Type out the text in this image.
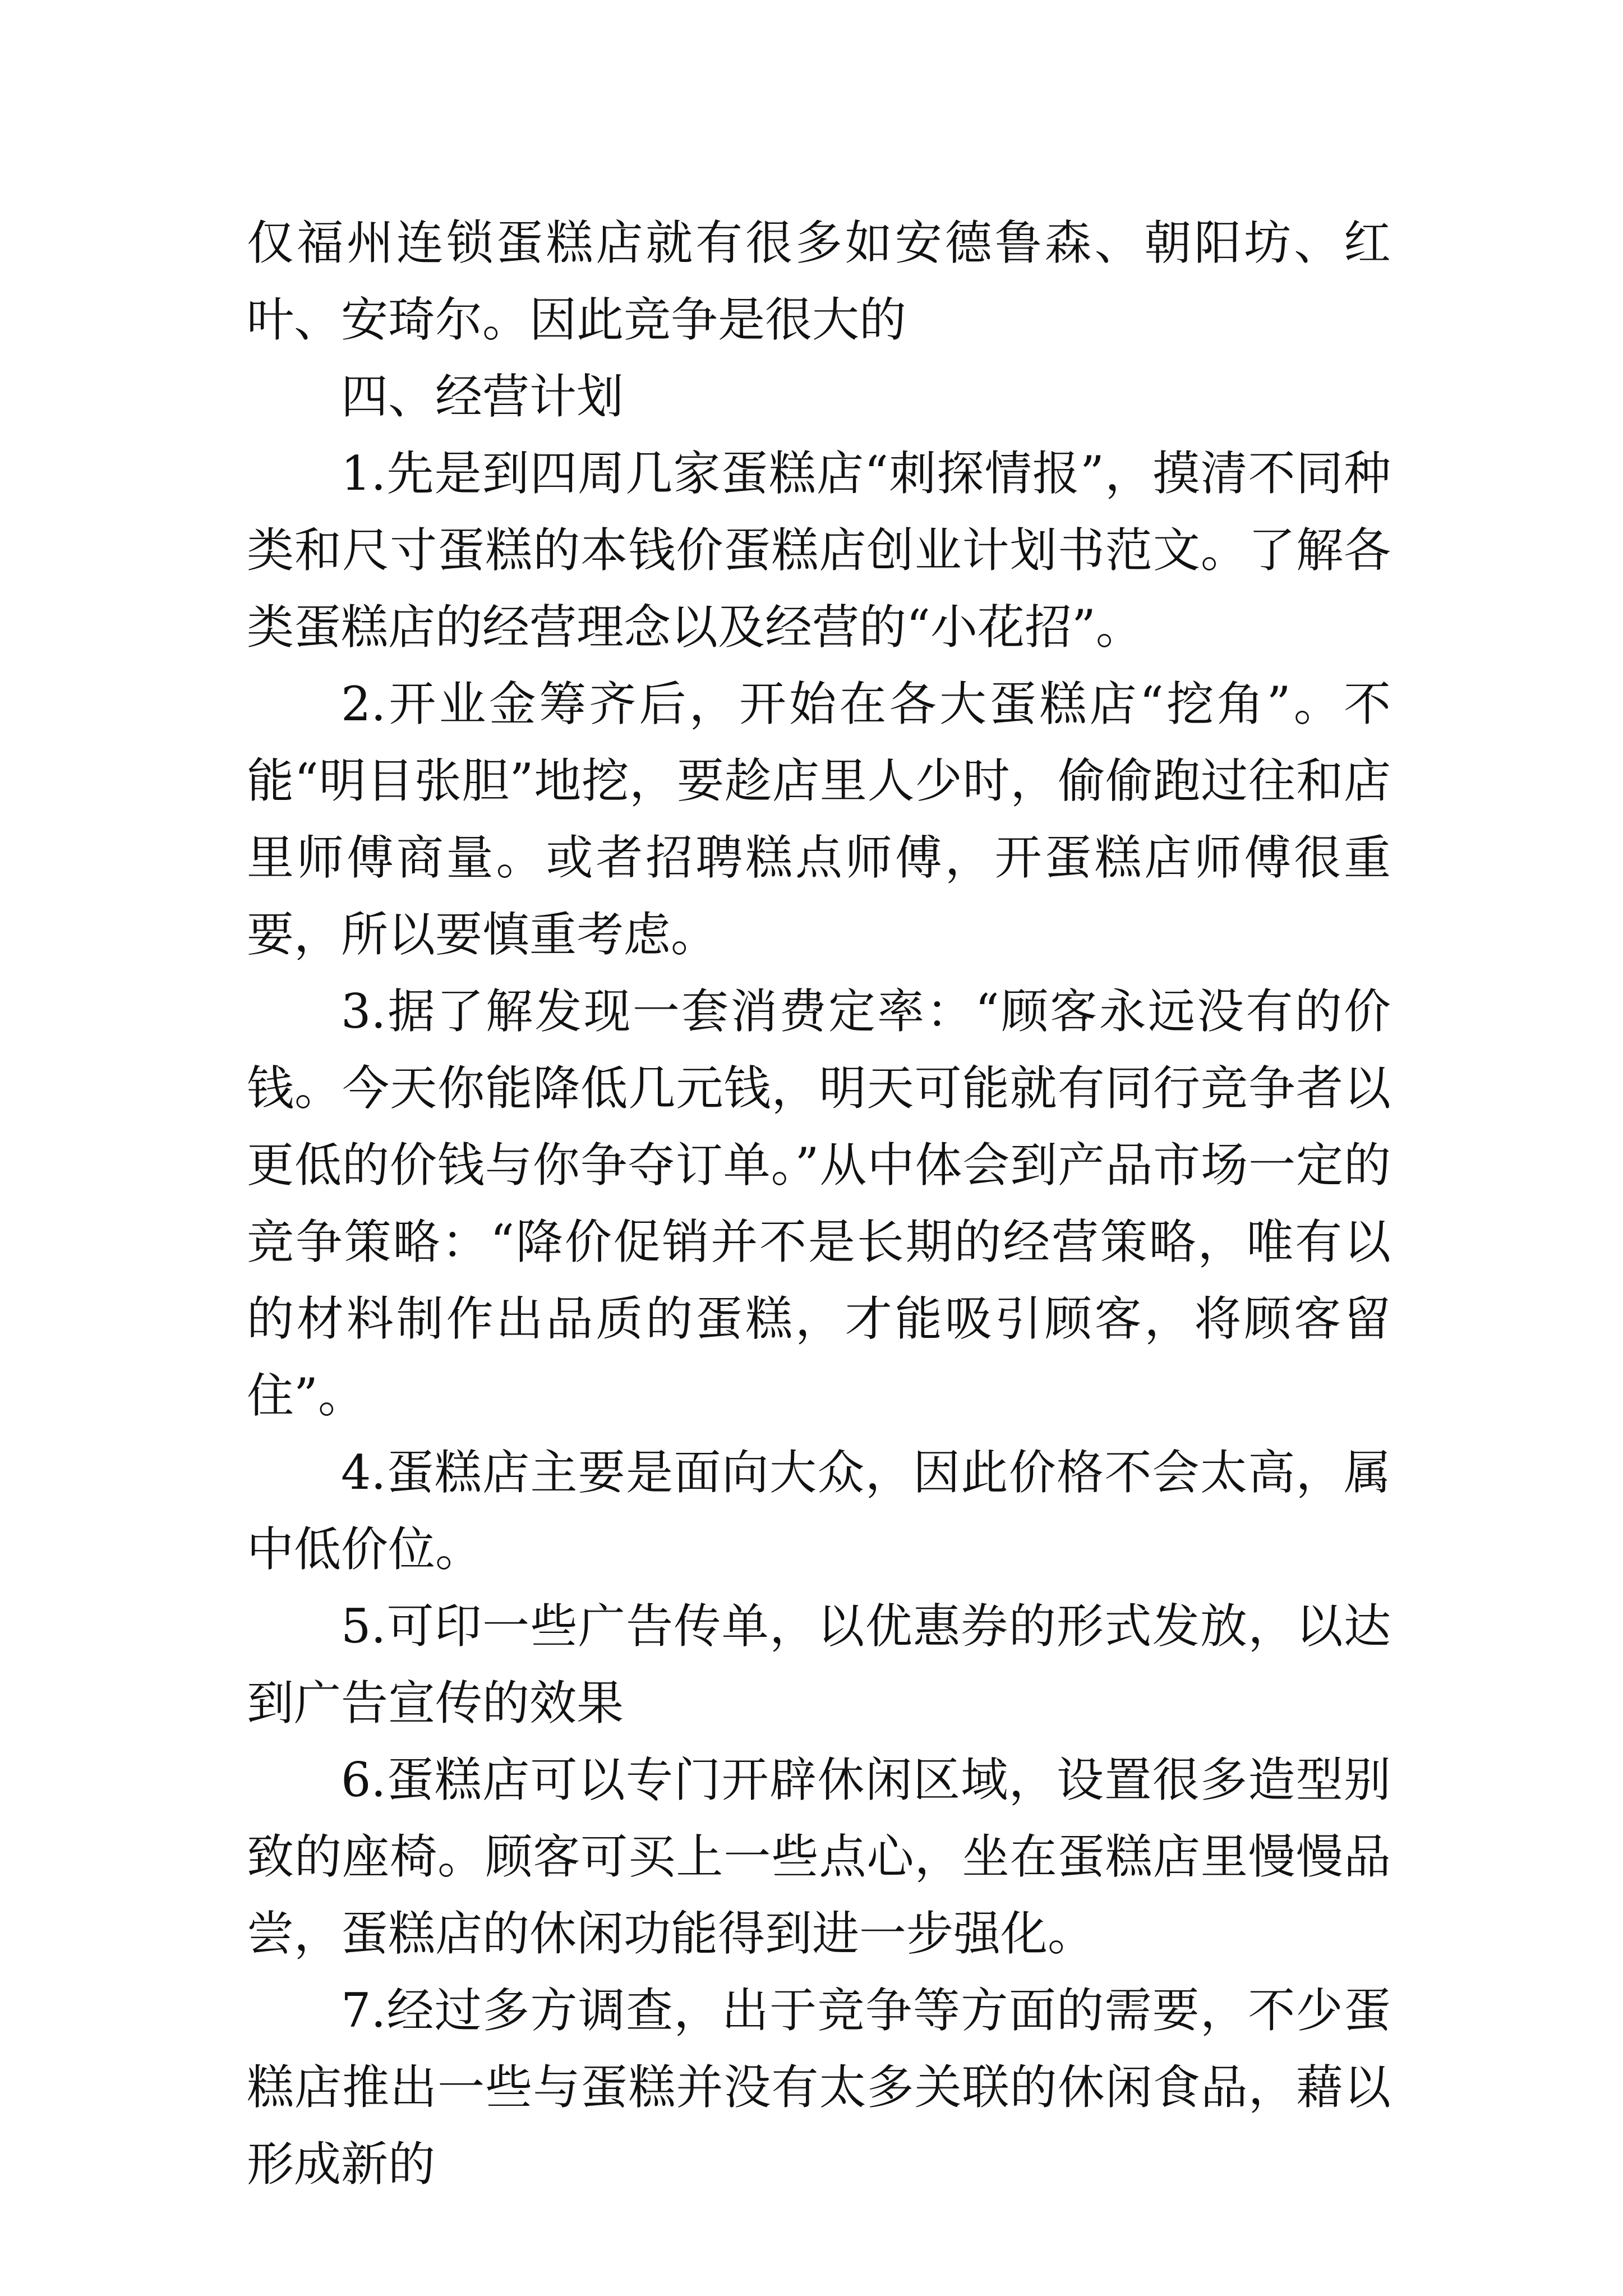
仅福州连锁蛋糕店就有很多如安德鲁森、朝阳坊、红叶、安琦尔。因此竞争是很大的

四、经营计划

1.先是到四周几家蛋糕店“刺探情报”，摸清不同种类和尺寸蛋糕的本钱价蛋糕店创业计划书范文。了解各类蛋糕店的经营理念以及经营的“小花招”。

2.开业金筹齐后，开始在各大蛋糕店“挖角”。不能“明目张胆”地挖，要趁店里人少时，偷偷跑过往和店里师傅商量。或者招聘糕点师傅，开蛋糕店师傅很重要，所以要慎重考虑。

3.据了解发现一套消费定率：“顾客永远没有的价钱。今天你能降低几元钱，明天可能就有同行竞争者以更低的价钱与你争夺订单。”从中体会到产品市场一定的竞争策略：“降价促销并不是长期的经营策略，唯有以的材料制作出品质的蛋糕，才能吸引顾客，将顾客留住”。

4.蛋糕店主要是面向大众，因此价格不会太高，属中低价位。

5.可印一些广告传单，以优惠券的形式发放，以达到广告宣传的效果

6.蛋糕店可以专门开辟休闲区域，设置很多造型别致的座椅。顾客可买上一些点心，坐在蛋糕店里慢慢品尝，蛋糕店的休闲功能得到进一步强化。

7.经过多方调查，出于竞争等方面的需要，不少蛋糕店推出一些与蛋糕并没有太多关联的休闲食品，藉以形成新的
